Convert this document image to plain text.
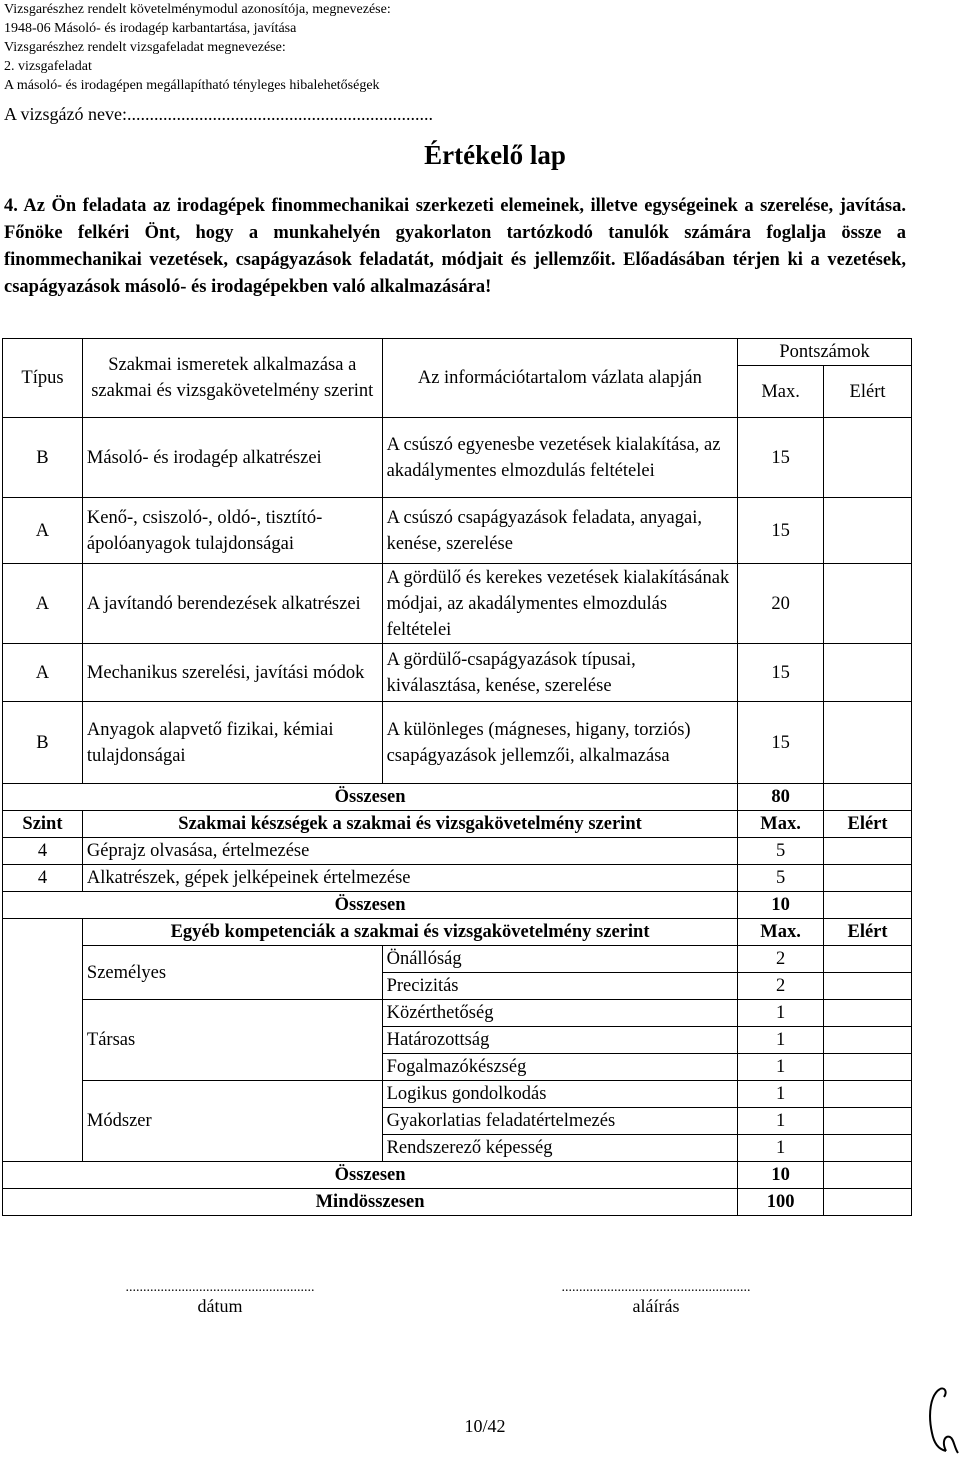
Vizsgarészhez rendelt követelménymodul azonosítója, megnevezése:
1948-06 Másoló- és irodagép karbantartása, javítása
Vizsgarészhez rendelt vizsgafeladat megnevezése:
2. vizsgafeladat
A másoló- és irodagépen megállapítható tényleges hibalehetőségek
A vizsgázó neve:....................................................................
Értékelő lap
4. Az Ön feladata az irodagépek finommechanikai szerkezeti elemeinek, illetve egységeinek a szerelése, javítása. Főnöke felkéri Önt, hogy a munkahelyén gyakorlaton tartózkodó tanulók számára foglalja össze a finommechanikai vezetések, csapágyazások feladatát, módjait és jellemzőit. Előadásában térjen ki a vezetések, csapágyazások másoló- és irodagépekben való alkalmazására!
Típus	Szakmai ismeretek alkalmazása a szakmai és vizsgakövetelmény szerint	Az információtartalom vázlata alapján	Pontszámok	
			Max.	Elért
B	Másoló- és irodagép alkatrészei	A csúszó egyenesbe vezetések kialakítása, az akadálymentes elmozdulás feltételei	15	
A	Kenő-, csiszoló-, oldó-, tisztító-ápolóanyagok tulajdonságai	A csúszó csapágyazások feladata, anyagai, kenése, szerelése	15	
A	A javítandó berendezések alkatrészei	A gördülő és kerekes vezetések kialakításának módjai, az akadálymentes elmozdulás feltételei	20	
A	Mechanikus szerelési, javítási módok	A gördülő-csapágyazások típusai, kiválasztása, kenése, szerelése	15	
B	Anyagok alapvető fizikai, kémiai tulajdonságai	A különleges (mágneses, higany, torziós) csapágyazások jellemzői, alkalmazása	15	
Összesen			80	
Szint	Szakmai készségek a szakmai és vizsgakövetelmény szerint		Max.	Elért
4	Géprajz olvasása, értelmezése		5	
4	Alkatrészek, gépek jelképeinek értelmezése		5	
Összesen			10	
	Egyéb kompetenciák a szakmai és vizsgakövetelmény szerint		Max.	Elért
	Személyes	Önállóság	2	
		Precizitás	2	
	Társas	Közérthetőség	1	
		Határozottság	1	
		Fogalmazókészség	1	
	Módszer	Logikus gondolkodás	1	
		Gyakorlatias feladatértelmezés	1	
		Rendszerező képesség	1	
Összesen			10	
Mindösszesen			100	
......................................................
dátum
......................................................
aláírás
10/42
